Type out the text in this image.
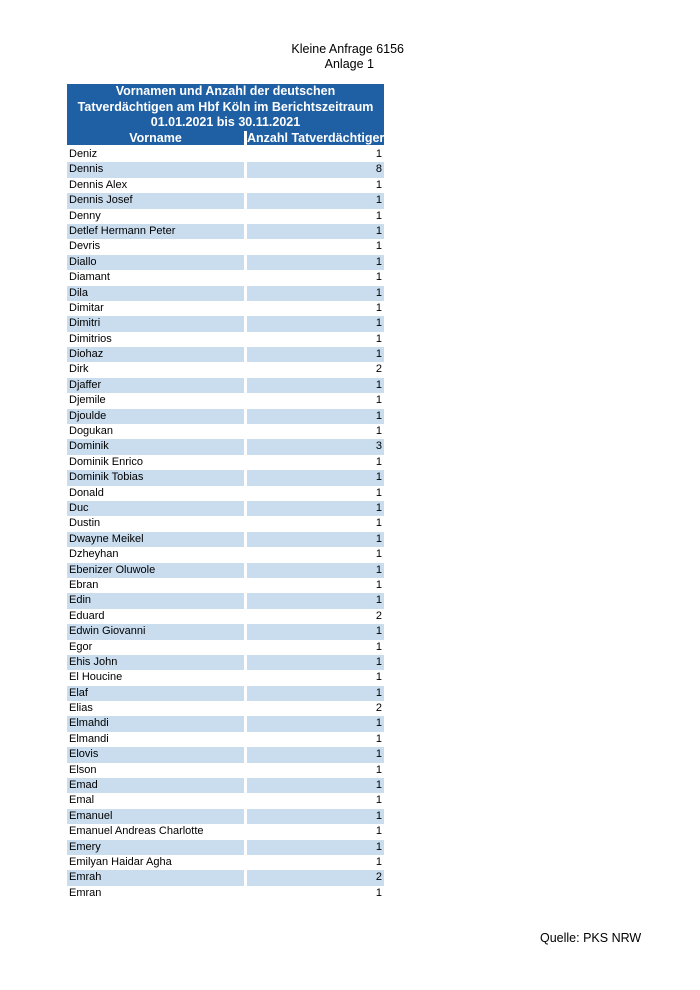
Kleine Anfrage 6156
Anlage 1
Vornamen und Anzahl der deutschen
Tatverdächtigen am Hbf Köln im Berichtszeitraum
01.01.2021 bis 30.11.2021
Vorname	Anzahl Tatverdächtiger
Deniz	1
Dennis	8
Dennis Alex	1
Dennis Josef	1
Denny	1
Detlef Hermann Peter	1
Devris	1
Diallo	1
Diamant	1
Dila	1
Dimitar	1
Dimitri	1
Dimitrios	1
Diohaz	1
Dirk	2
Djaffer	1
Djemile	1
Djoulde	1
Dogukan	1
Dominik	3
Dominik Enrico	1
Dominik Tobias	1
Donald	1
Duc	1
Dustin	1
Dwayne Meikel	1
Dzheyhan	1
Ebenizer Oluwole	1
Ebran	1
Edin	1
Eduard	2
Edwin Giovanni	1
Egor	1
Ehis John	1
El Houcine	1
Elaf	1
Elias	2
Elmahdi	1
Elmandi	1
Elovis	1
Elson	1
Emad	1
Emal	1
Emanuel	1
Emanuel Andreas Charlotte	1
Emery	1
Emilyan Haidar Agha	1
Emrah	2
Emran	1
Quelle: PKS NRW
